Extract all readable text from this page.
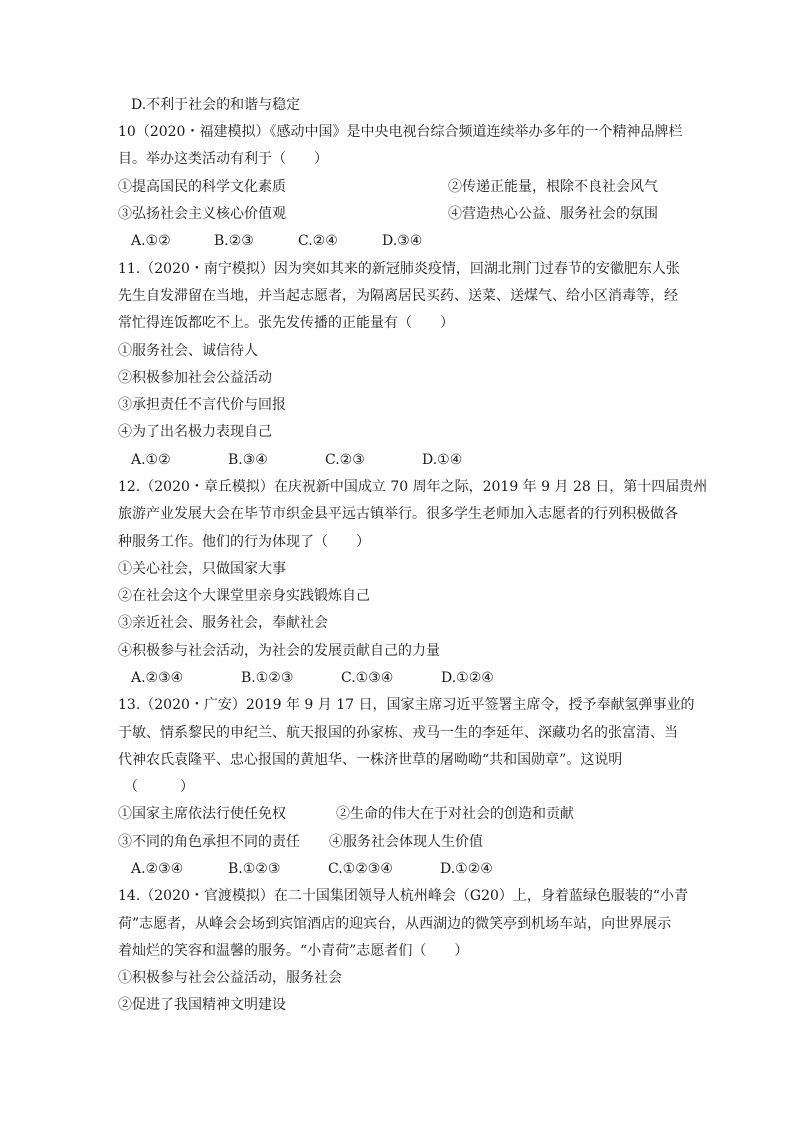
D.不利于社会的和谐与稳定
10（2020・福建模拟）《感动中国》是中央电视台综合频道连续举办多年的一个精神品牌栏
目。举办这类活动有利于（　　）
①提高国民的科学文化素质	②传递正能量，根除不良社会风气
③弘扬社会主义核心价值观	④营造热心公益、服务社会的氛围
A.①②	B.②③	C.②④	D.③④
11.（2020・南宁模拟）因为突如其来的新冠肺炎疫情，回湖北荆门过春节的安徽肥东人张
先生自发滞留在当地，并当起志愿者，为隔离居民买药、送菜、送煤气、给小区消毒等，经
常忙得连饭都吃不上。张先发传播的正能量有（　　）
①服务社会、诚信待人
②积极参加社会公益活动
③承担责任不言代价与回报
④为了出名极力表现自己
A.①②	B.③④	C.②③	D.①④
12.（2020・章丘模拟）在庆祝新中国成立 70 周年之际，2019 年 9 月 28 日，第十四届贵州
旅游产业发展大会在毕节市织金县平远古镇举行。很多学生老师加入志愿者的行列积极做各
种服务工作。他们的行为体现了（　　）
①关心社会，只做国家大事
②在社会这个大课堂里亲身实践锻炼自己
③亲近社会、服务社会，奉献社会
④积极参与社会活动，为社会的发展贡献自己的力量
A.②③④	B.①②③	C.①③④	D.①②④
13.（2020・广安）2019 年 9 月 17 日，国家主席习近平签署主席令，授予奉献氢弹事业的
于敏、情系黎民的申纪兰、航天报国的孙家栋、戎马一生的李延年、深藏功名的张富清、当
代神农氏袁隆平、忠心报国的黄旭华、一株济世草的屠呦呦“共和国勋章”。这说明
（　　　）
①国家主席依法行使任免权	②生命的伟大在于对社会的创造和贡献
③不同的角色承担不同的责任 ④服务社会体现人生价值
A.②③④	B.①②③	C.①②③④	D.①②④
14.（2020・官渡模拟）在二十国集团领导人杭州峰会（G20）上，身着蓝绿色服装的“小青
荷”志愿者，从峰会会场到宾馆酒店的迎宾台，从西湖边的微笑亭到机场车站，向世界展示
着灿烂的笑容和温馨的服务。“小青荷”志愿者们（　　）
①积极参与社会公益活动，服务社会
②促进了我国精神文明建设
